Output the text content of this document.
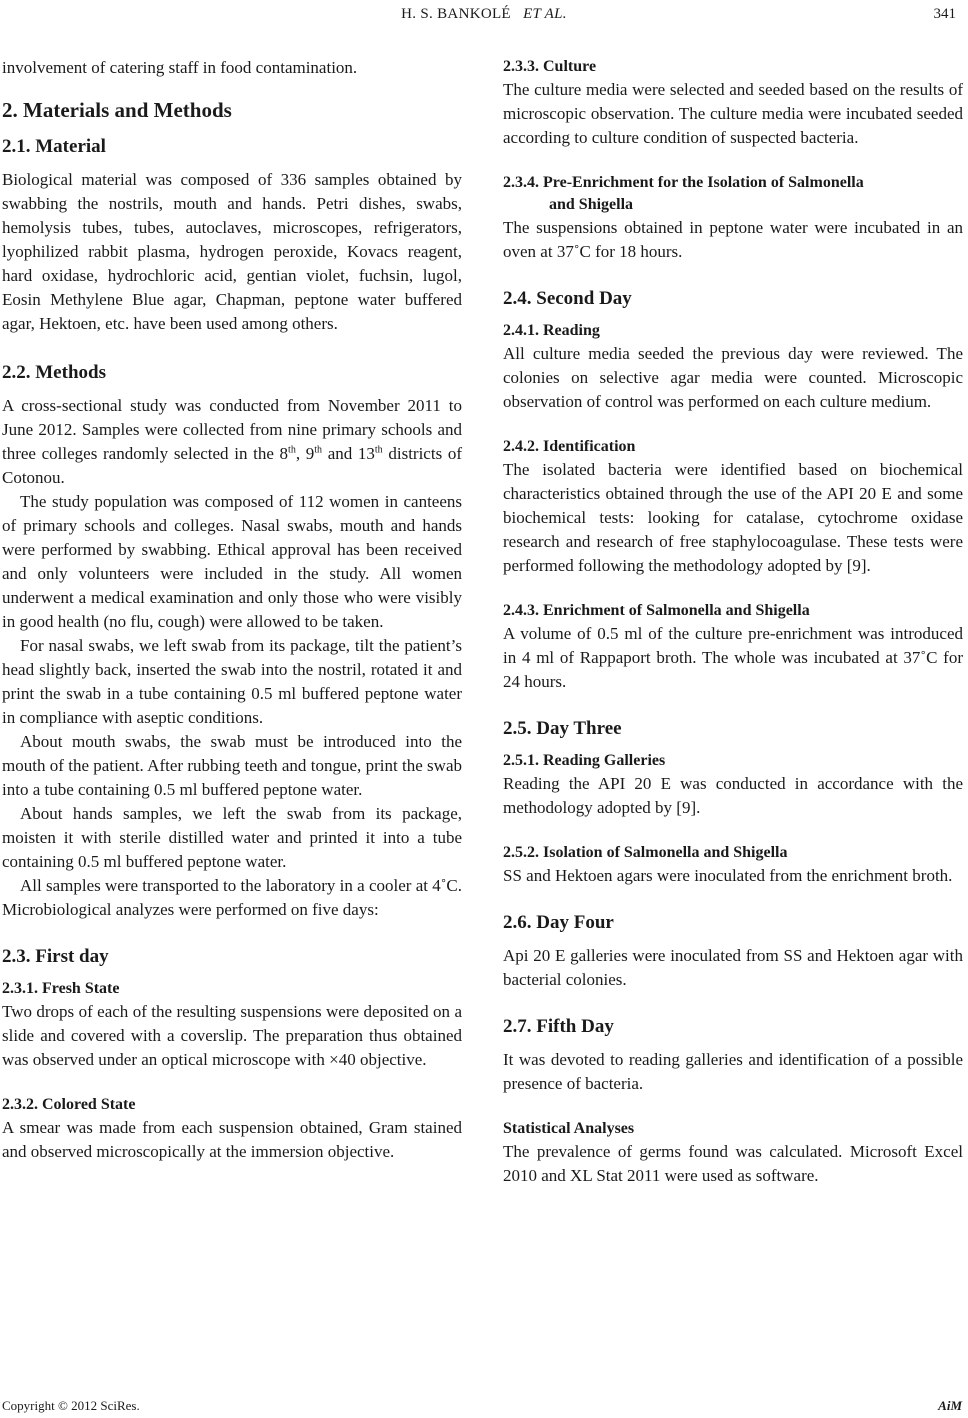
H. S. BANKOLÉ ET AL.	341

involvement of catering staff in food contamination.

2. Materials and Methods
2.1. Material

Biological material was composed of 336 samples obtained by swabbing the nostrils, mouth and hands. Petri dishes, swabs, hemolysis tubes, tubes, autoclaves, microscopes, refrigerators, lyophilized rabbit plasma, hydrogen peroxide, Kovacs reagent, hard oxidase, hydrochloric acid, gentian violet, fuchsin, lugol, Eosin Methylene Blue agar, Chapman, peptone water buffered agar, Hektoen, etc. have been used among others.

2.2. Methods

A cross-sectional study was conducted from November 2011 to June 2012. Samples were collected from nine primary schools and three colleges randomly selected in the 8th, 9th and 13th districts of Cotonou.

The study population was composed of 112 women in canteens of primary schools and colleges. Nasal swabs, mouth and hands were performed by swabbing. Ethical approval has been received and only volunteers were included in the study. All women underwent a medical examination and only those who were visibly in good health (no flu, cough) were allowed to be taken.

For nasal swabs, we left swab from its package, tilt the patient’s head slightly back, inserted the swab into the nostril, rotated it and print the swab in a tube containing 0.5 ml buffered peptone water in compliance with aseptic conditions.

About mouth swabs, the swab must be introduced into the mouth of the patient. After rubbing teeth and tongue, print the swab into a tube containing 0.5 ml buffered peptone water.

About hands samples, we left the swab from its package, moisten it with sterile distilled water and printed it into a tube containing 0.5 ml buffered peptone water.

All samples were transported to the laboratory in a cooler at 4˚C. Microbiological analyzes were performed on five days:

2.3. First day
2.3.1. Fresh State

Two drops of each of the resulting suspensions were deposited on a slide and covered with a coverslip. The preparation thus obtained was observed under an optical microscope with ×40 objective.

2.3.2. Colored State

A smear was made from each suspension obtained, Gram stained and observed microscopically at the immersion objective.

2.3.3. Culture

The culture media were selected and seeded based on the results of microscopic observation. The culture media were incubated seeded according to culture condition of suspected bacteria.

2.3.4. Pre-Enrichment for the Isolation of Salmonella
and Shigella

The suspensions obtained in peptone water were incubated in an oven at 37˚C for 18 hours.

2.4. Second Day
2.4.1. Reading

All culture media seeded the previous day were reviewed. The colonies on selective agar media were counted. Microscopic observation of control was performed on each culture medium.

2.4.2. Identification

The isolated bacteria were identified based on biochemical characteristics obtained through the use of the API 20 E and some biochemical tests: looking for catalase, cytochrome oxidase research and research of free staphylocoagulase. These tests were performed following the methodology adopted by [9].

2.4.3. Enrichment of Salmonella and Shigella

A volume of 0.5 ml of the culture pre-enrichment was introduced in 4 ml of Rappaport broth. The whole was incubated at 37˚C for 24 hours.

2.5. Day Three
2.5.1. Reading Galleries

Reading the API 20 E was conducted in accordance with the methodology adopted by [9].

2.5.2. Isolation of Salmonella and Shigella

SS and Hektoen agars were inoculated from the enrichment broth.

2.6. Day Four

Api 20 E galleries were inoculated from SS and Hektoen agar with bacterial colonies.

2.7. Fifth Day

It was devoted to reading galleries and identification of a possible presence of bacteria.

Statistical Analyses

The prevalence of germs found was calculated. Microsoft Excel 2010 and XL Stat 2011 were used as software.

Copyright © 2012 SciRes.	AiM
